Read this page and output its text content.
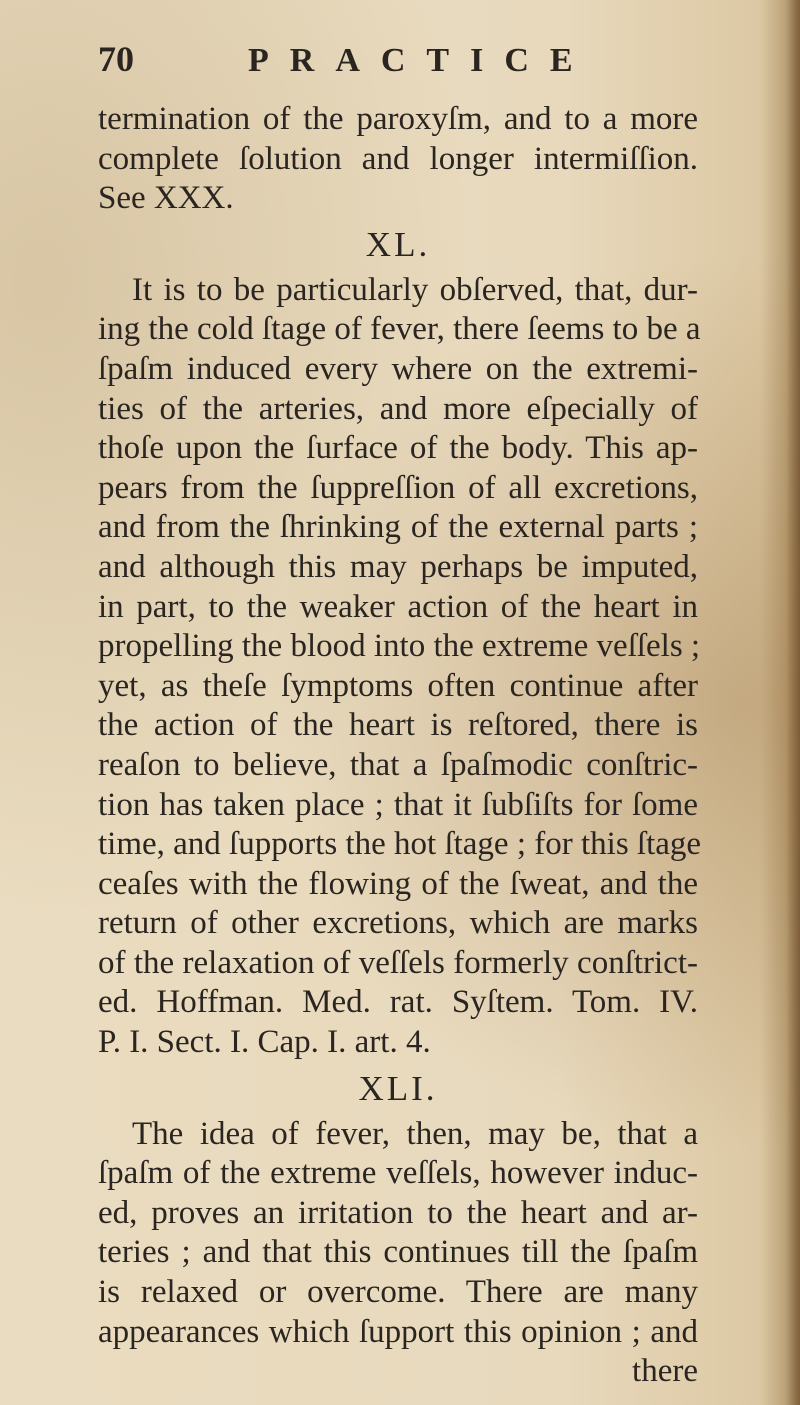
70	PRACTICE
termination of the paroxyſm, and to a more
complete ſolution and longer intermiſſion.
See XXX.
XL.
It is to be particularly obſerved, that, dur-
ing the cold ſtage of fever, there ſeems to be a
ſpaſm induced every where on the extremi-
ties of the arteries, and more eſpecially of
thoſe upon the ſurface of the body. This ap-
pears from the ſuppreſſion of all excretions,
and from the ſhrinking of the external parts ;
and although this may perhaps be imputed,
in part, to the weaker action of the heart in
propelling the blood into the extreme veſſels ;
yet, as theſe ſymptoms often continue after
the action of the heart is reſtored, there is
reaſon to believe, that a ſpaſmodic conſtric-
tion has taken place ; that it ſubſiſts for ſome
time, and ſupports the hot ſtage ; for this ſtage
ceaſes with the flowing of the ſweat, and the
return of other excretions, which are marks
of the relaxation of veſſels formerly conſtrict-
ed. Hoffman. Med. rat. Syſtem. Tom. IV.
P. I. Sect. I. Cap. I. art. 4.
XLI.
The idea of fever, then, may be, that a
ſpaſm of the extreme veſſels, however induc-
ed, proves an irritation to the heart and ar-
teries ; and that this continues till the ſpaſm
is relaxed or overcome. There are many
appearances which ſupport this opinion ; and
there
